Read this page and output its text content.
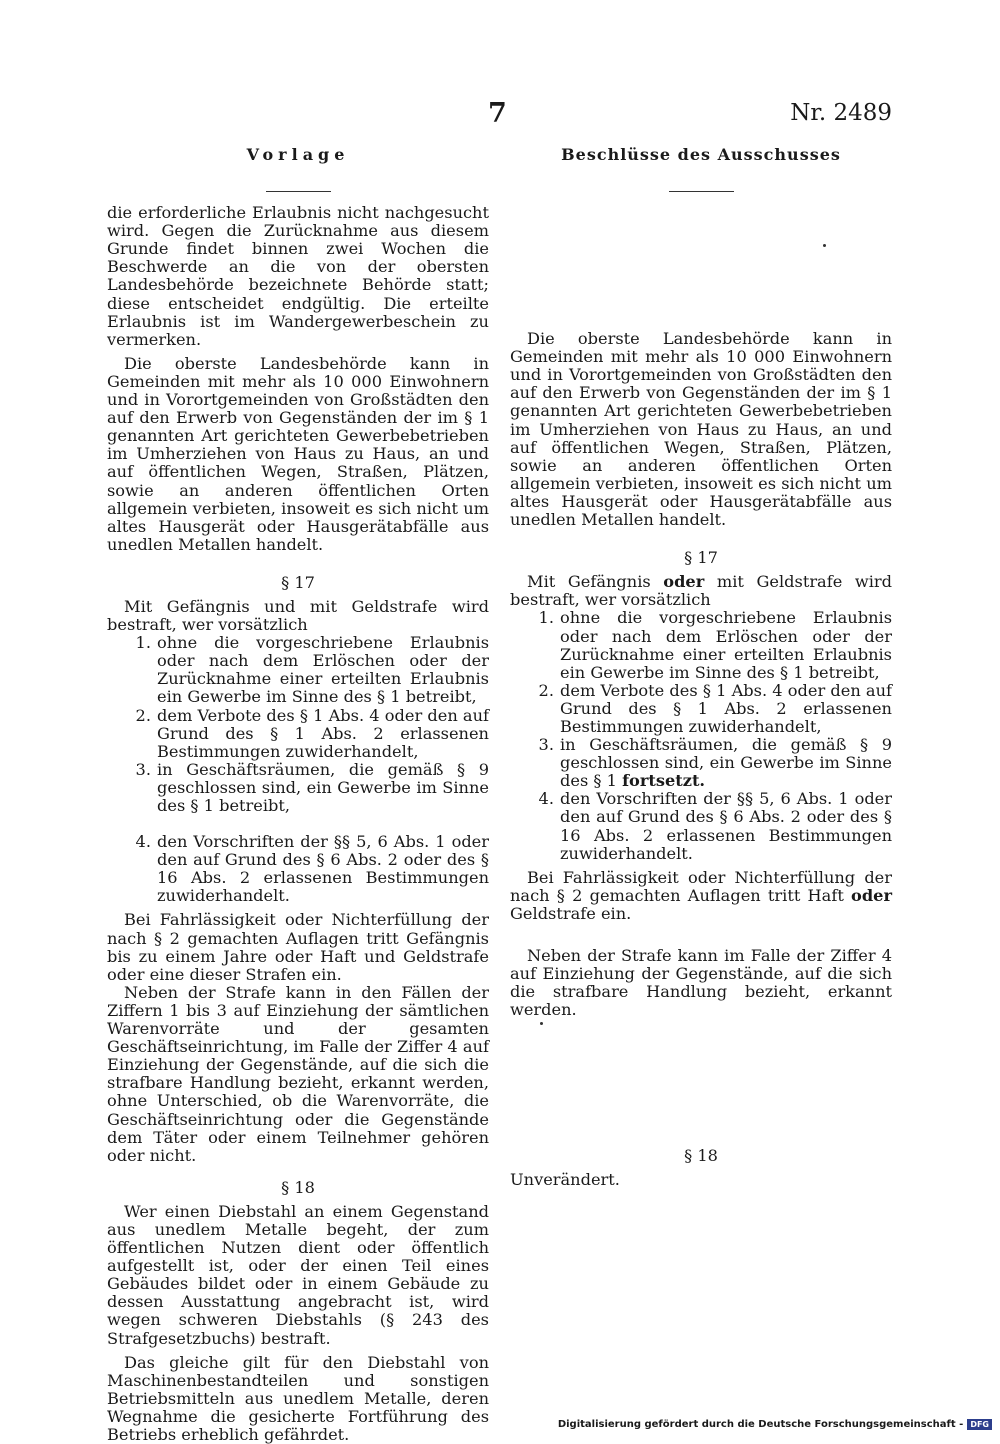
7	Nr. 2489
Vorlage

die erforderliche Erlaubnis nicht nachgesucht wird. Gegen die Zurücknahme aus diesem Grunde findet binnen zwei Wochen die Beschwerde an die von der obersten Landesbehörde bezeichnete Behörde statt; diese entscheidet endgültig. Die erteilte Erlaubnis ist im Wandergewerbeschein zu vermerken.

Die oberste Landesbehörde kann in Gemeinden mit mehr als 10 000 Einwohnern und in Vorortgemeinden von Großstädten den auf den Erwerb von Gegenständen der im § 1 genannten Art gerichteten Gewerbebetrieben im Umherziehen von Haus zu Haus, an und auf öffentlichen Wegen, Straßen, Plätzen, sowie an anderen öffentlichen Orten allgemein verbieten, insoweit es sich nicht um altes Hausgerät oder Hausgerätabfälle aus unedlen Metallen handelt.

§ 17

Mit Gefängnis und mit Geldstrafe wird bestraft, wer vorsätzlich

1. ohne die vorgeschriebene Erlaubnis oder nach dem Erlöschen oder der Zurücknahme einer erteilten Erlaubnis ein Gewerbe im Sinne des § 1 betreibt,
2. dem Verbote des § 1 Abs. 4 oder den auf Grund des § 1 Abs. 2 erlassenen Bestimmungen zuwiderhandelt,
3. in Geschäftsräumen, die gemäß § 9 geschlossen sind, ein Gewerbe im Sinne des § 1 betreibt,
4. den Vorschriften der §§ 5, 6 Abs. 1 oder den auf Grund des § 6 Abs. 2 oder des § 16 Abs. 2 erlassenen Bestimmungen zuwiderhandelt.

Bei Fahrlässigkeit oder Nichterfüllung der nach § 2 gemachten Auflagen tritt Gefängnis bis zu einem Jahre oder Haft und Geldstrafe oder eine dieser Strafen ein.

Neben der Strafe kann in den Fällen der Ziffern 1 bis 3 auf Einziehung der sämtlichen Warenvorräte und der gesamten Geschäftseinrichtung, im Falle der Ziffer 4 auf Einziehung der Gegenstände, auf die sich die strafbare Handlung bezieht, erkannt werden, ohne Unterschied, ob die Warenvorräte, die Geschäftseinrichtung oder die Gegenstände dem Täter oder einem Teilnehmer gehören oder nicht.

§ 18

Wer einen Diebstahl an einem Gegenstand aus unedlem Metalle begeht, der zum öffentlichen Nutzen dient oder öffentlich aufgestellt ist, oder der einen Teil eines Gebäudes bildet oder in einem Gebäude zu dessen Ausstattung angebracht ist, wird wegen schweren Diebstahls (§ 243 des Strafgesetzbuchs) bestraft.

Das gleiche gilt für den Diebstahl von Maschinenbestandteilen und sonstigen Betriebsmitteln aus unedlem Metalle, deren Wegnahme die gesicherte Fortführung des Betriebs erheblich gefährdet.

Beschlüsse des Ausschusses

Die oberste Landesbehörde kann in Gemeinden mit mehr als 10 000 Einwohnern und in Vorortgemeinden von Großstädten den auf den Erwerb von Gegenständen der im § 1 genannten Art gerichteten Gewerbebetrieben im Umherziehen von Haus zu Haus, an und auf öffentlichen Wegen, Straßen, Plätzen, sowie an anderen öffentlichen Orten allgemein verbieten, insoweit es sich nicht um altes Hausgerät oder Hausgerätabfälle aus unedlen Metallen handelt.

§ 17

Mit Gefängnis oder mit Geldstrafe wird bestraft, wer vorsätzlich

1. ohne die vorgeschriebene Erlaubnis oder nach dem Erlöschen oder der Zurücknahme einer erteilten Erlaubnis ein Gewerbe im Sinne des § 1 betreibt,
2. dem Verbote des § 1 Abs. 4 oder den auf Grund des § 1 Abs. 2 erlassenen Bestimmungen zuwiderhandelt,
3. in Geschäftsräumen, die gemäß § 9 geschlossen sind, ein Gewerbe im Sinne des § 1 fortsetzt.
4. den Vorschriften der §§ 5, 6 Abs. 1 oder den auf Grund des § 6 Abs. 2 oder des § 16 Abs. 2 erlassenen Bestimmungen zuwiderhandelt.

Bei Fahrlässigkeit oder Nichterfüllung der nach § 2 gemachten Auflagen tritt Haft oder Geldstrafe ein.

Neben der Strafe kann im Falle der Ziffer 4 auf Einziehung der Gegenstände, auf die sich die strafbare Handlung bezieht, erkannt werden.

§ 18

Unverändert.

Digitalisierung gefördert durch die Deutsche Forschungsgemeinschaft - DFG
